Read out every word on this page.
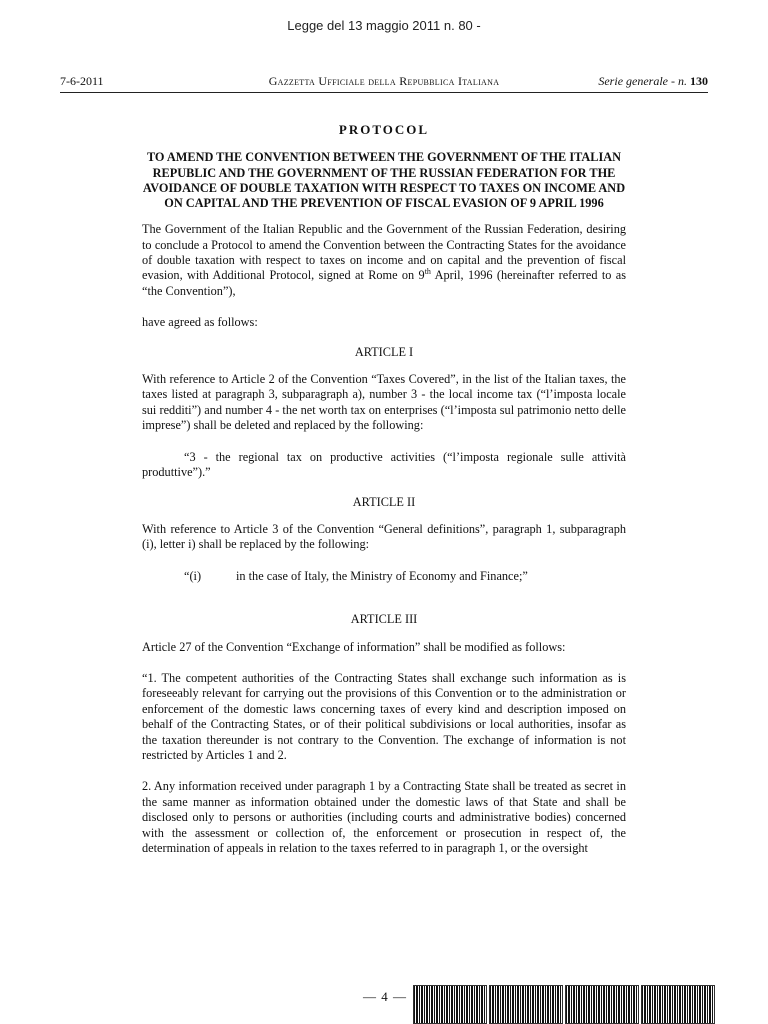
Legge del 13 maggio 2011 n. 80 -
7-6-2011	Gazzetta Ufficiale della Repubblica Italiana	Serie generale - n. 130
PROTOCOL
TO AMEND THE CONVENTION BETWEEN THE GOVERNMENT OF THE ITALIAN REPUBLIC AND THE GOVERNMENT OF THE RUSSIAN FEDERATION FOR THE AVOIDANCE OF DOUBLE TAXATION WITH RESPECT TO TAXES ON INCOME AND ON CAPITAL AND THE PREVENTION OF FISCAL EVASION OF 9 APRIL 1996

The Government of the Italian Republic and the Government of the Russian Federation, desiring to conclude a Protocol to amend the Convention between the Contracting States for the avoidance of double taxation with respect to taxes on income and on capital and the prevention of fiscal evasion, with Additional Protocol, signed at Rome on 9th April, 1996 (hereinafter referred to as “the Convention”),

have agreed as follows:

ARTICLE I

With reference to Article 2 of the Convention “Taxes Covered”, in the list of the Italian taxes, the taxes listed at paragraph 3, subparagraph a), number 3 - the local income tax (“l’imposta locale sui redditi”) and number 4 - the net worth tax on enterprises (“l’imposta sul patrimonio netto delle imprese”) shall be deleted and replaced by the following:

“3 - the regional tax on productive activities (“l’imposta regionale sulle attività produttive”).”

ARTICLE II

With reference to Article 3 of the Convention “General definitions”, paragraph 1, subparagraph (i), letter i) shall be replaced by the following:

“(i)	in the case of Italy, the Ministry of Economy and Finance;”
ARTICLE III

Article 27 of the Convention “Exchange of information” shall be modified as follows:

“1. The competent authorities of the Contracting States shall exchange such information as is foreseeably relevant for carrying out the provisions of this Convention or to the administration or enforcement of the domestic laws concerning taxes of every kind and description imposed on behalf of the Contracting States, or of their political subdivisions or local authorities, insofar as the taxation thereunder is not contrary to the Convention. The exchange of information is not restricted by Articles 1 and 2.

2. Any information received under paragraph 1 by a Contracting State shall be treated as secret in the same manner as information obtained under the domestic laws of that State and shall be disclosed only to persons or authorities (including courts and administrative bodies) concerned with the assessment or collection of, the enforcement or prosecution in respect of, the determination of appeals in relation to the taxes referred to in paragraph 1, or the oversight

— 4 —
